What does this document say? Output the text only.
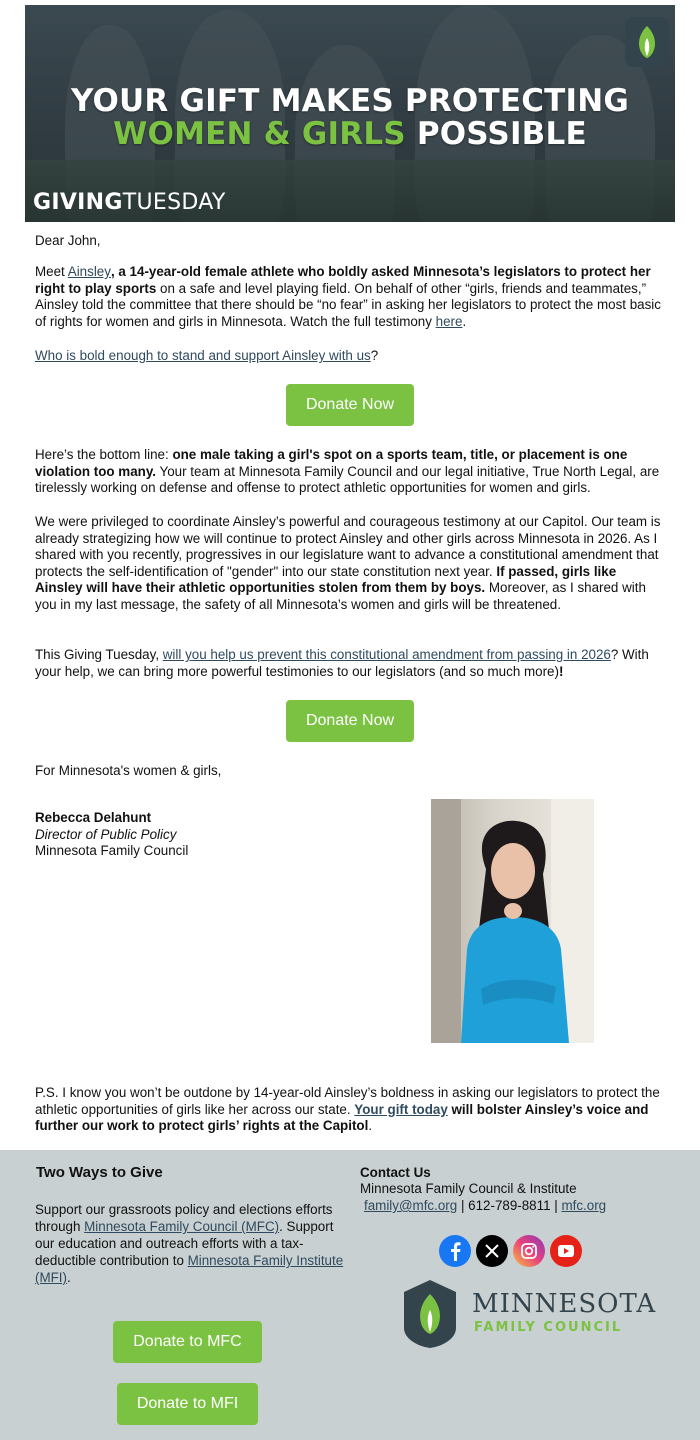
YOUR GIFT MAKES PROTECTING
WOMEN & GIRLS POSSIBLE
GIVINGTUESDAY
Dear John,
Meet Ainsley, a 14-year-old female athlete who boldly asked Minnesota’s legislators to protect her right to play sports on a safe and level playing field. On behalf of other “girls, friends and teammates,” Ainsley told the committee that there should be “no fear” in asking her legislators to protect the most basic of rights for women and girls in Minnesota. Watch the full testimony here.
Who is bold enough to stand and support Ainsley with us?
Donate Now
Here’s the bottom line: one male taking a girl's spot on a sports team, title, or placement is one violation too many. Your team at Minnesota Family Council and our legal initiative, True North Legal, are tirelessly working on defense and offense to protect athletic opportunities for women and girls.
We were privileged to coordinate Ainsley’s powerful and courageous testimony at our Capitol. Our team is already strategizing how we will continue to protect Ainsley and other girls across Minnesota in 2026. As I shared with you recently, progressives in our legislature want to advance a constitutional amendment that protects the self-identification of "gender" into our state constitution next year. If passed, girls like Ainsley will have their athletic opportunities stolen from them by boys. Moreover, as I shared with you in my last message, the safety of all Minnesota’s women and girls will be threatened.
This Giving Tuesday, will you help us prevent this constitutional amendment from passing in 2026? With your help, we can bring more powerful testimonies to our legislators (and so much more)!
Donate Now
For Minnesota's women & girls,
Rebecca Delahunt
Director of Public Policy
Minnesota Family Council
P.S. I know you won’t be outdone by 14-year-old Ainsley’s boldness in asking our legislators to protect the athletic opportunities of girls like her across our state. Your gift today will bolster Ainsley’s voice and further our work to protect girls’ rights at the Capitol.
Two Ways to Give
Support our grassroots policy and elections efforts through Minnesota Family Council (MFC). Support our education and outreach efforts with a tax-deductible contribution to Minnesota Family Institute (MFI).
Donate to MFC
Donate to MFI
Contact Us
Minnesota Family Council & Institute
family@mfc.org | 612-789-8811 | mfc.org
MINNESOTA
FAMILY COUNCIL
